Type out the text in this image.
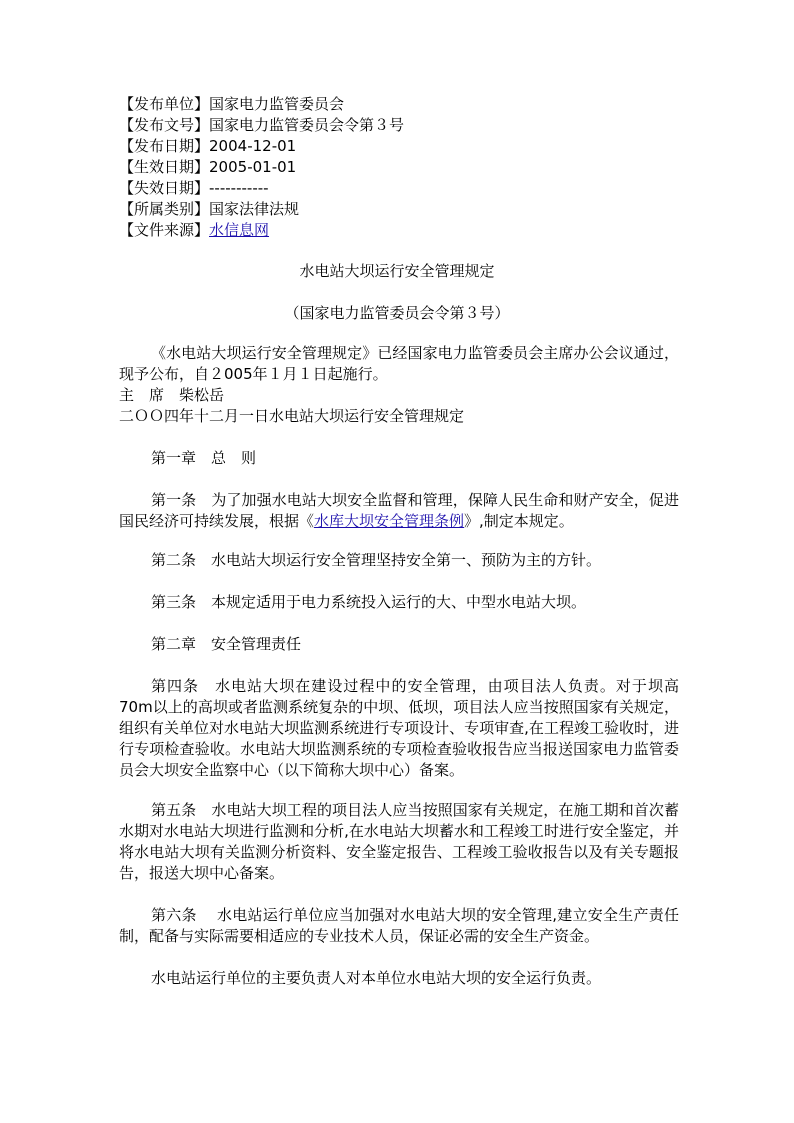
【发布单位】国家电力监管委员会
【发布文号】国家电力监管委员会令第３号
【发布日期】2004-12-01
【生效日期】2005-01-01
【失效日期】-----------
【所属类别】国家法律法规
【文件来源】水信息网
水电站大坝运行安全管理规定
（国家电力监管委员会令第３号）
《水电站大坝运行安全管理规定》已经国家电力监管委员会主席办公会议通过，现予公布，自２005年１月１日起施行。
主　席　柴松岳
二ＯＯ四年十二月一日水电站大坝运行安全管理规定
第一章　总　则
第一条　为了加强水电站大坝安全监督和管理，保障人民生命和财产安全，促进国民经济可持续发展，根据《水库大坝安全管理条例》,制定本规定。
第二条　水电站大坝运行安全管理坚持安全第一、预防为主的方针。
第三条　本规定适用于电力系统投入运行的大、中型水电站大坝。
第二章　安全管理责任
第四条　水电站大坝在建设过程中的安全管理，由项目法人负责。对于坝高70m以上的高坝或者监测系统复杂的中坝、低坝，项目法人应当按照国家有关规定，组织有关单位对水电站大坝监测系统进行专项设计、专项审查,在工程竣工验收时，进行专项检查验收。水电站大坝监测系统的专项检查验收报告应当报送国家电力监管委员会大坝安全监察中心（以下简称大坝中心）备案。
第五条　水电站大坝工程的项目法人应当按照国家有关规定，在施工期和首次蓄水期对水电站大坝进行监测和分析,在水电站大坝蓄水和工程竣工时进行安全鉴定，并将水电站大坝有关监测分析资料、安全鉴定报告、工程竣工验收报告以及有关专题报告，报送大坝中心备案。
第六条　 水电站运行单位应当加强对水电站大坝的安全管理,建立安全生产责任制，配备与实际需要相适应的专业技术人员，保证必需的安全生产资金。
水电站运行单位的主要负责人对本单位水电站大坝的安全运行负责。
